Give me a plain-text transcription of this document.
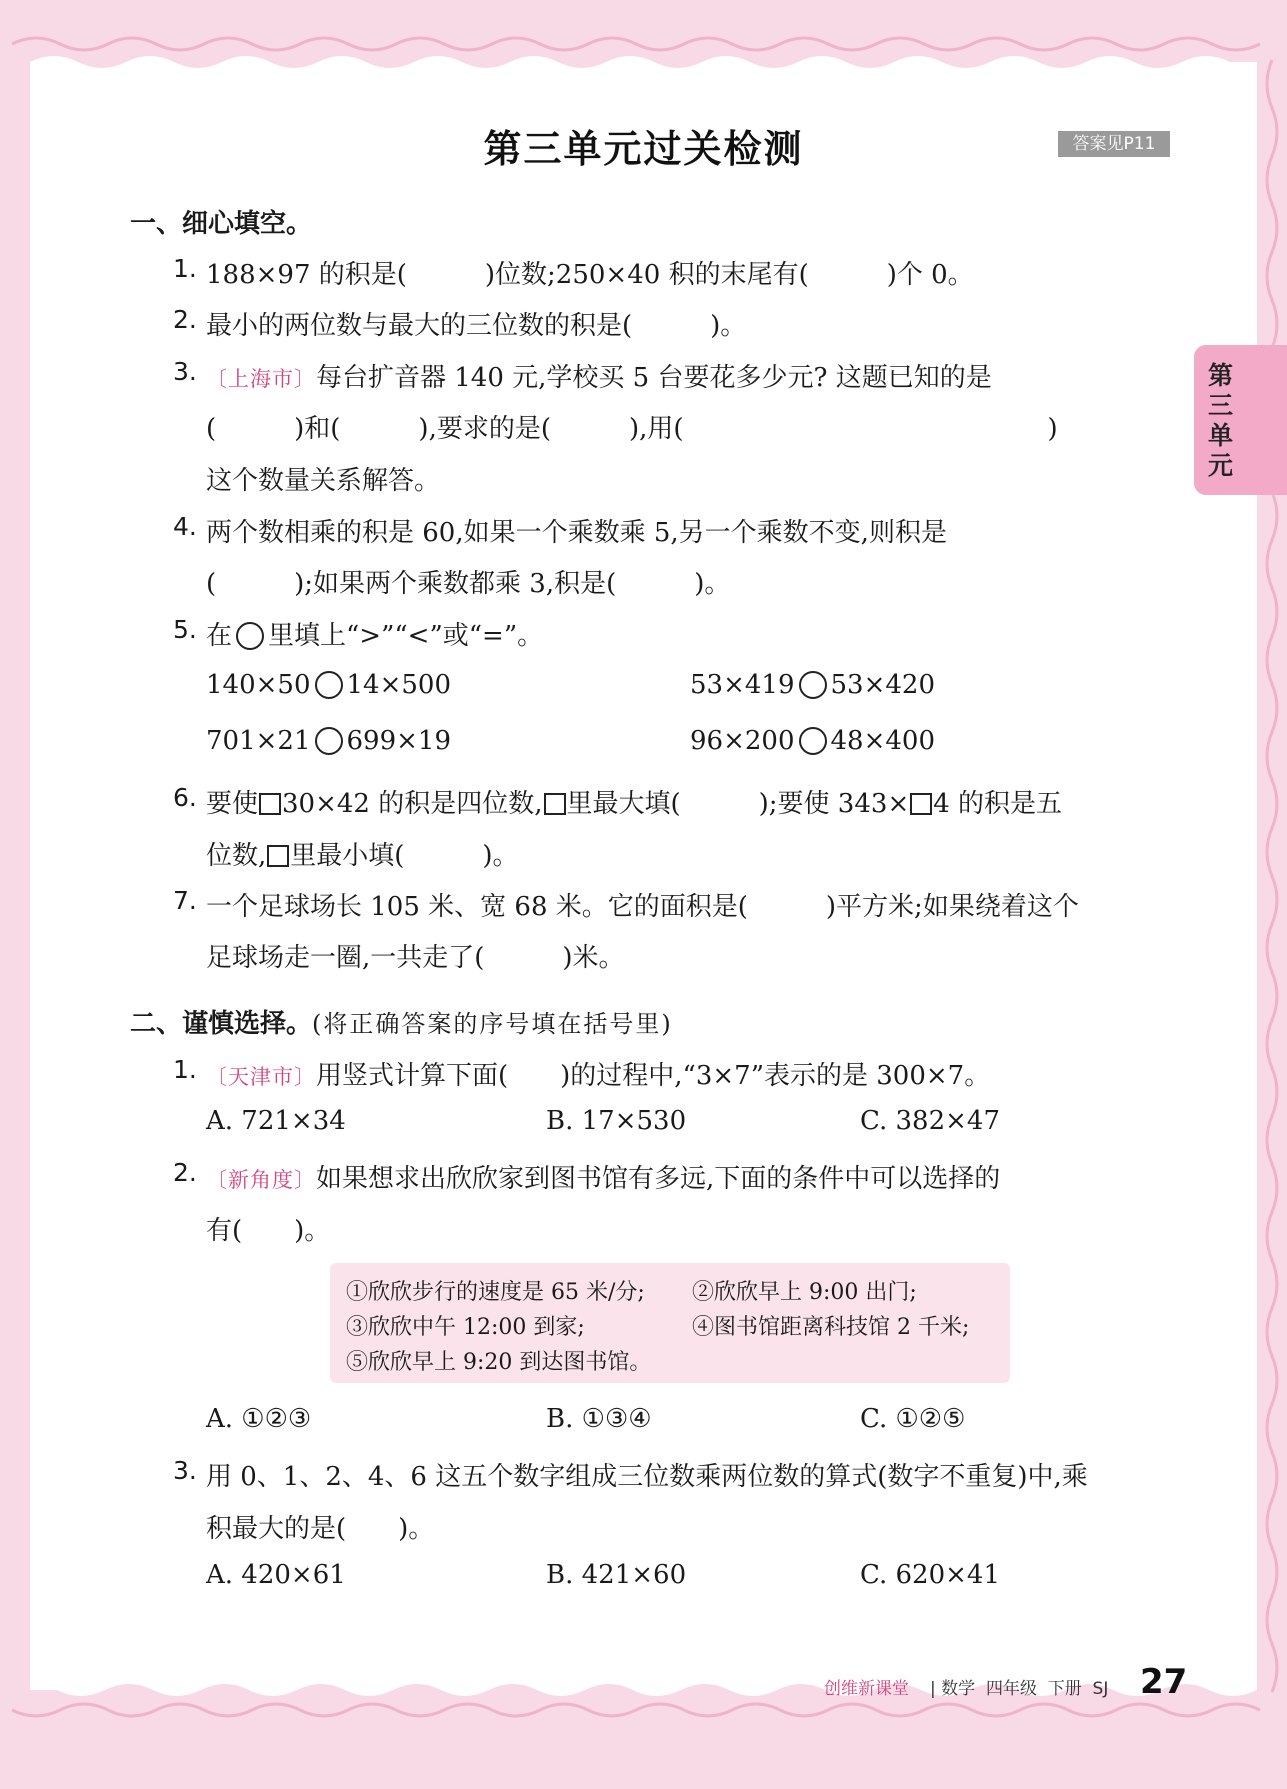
第三单元过关检测	答案见P11
第三单元
一、细心填空。
1. 188×97 的积是(　　　)位数;250×40 积的末尾有(　　　)个 0。
2. 最小的两位数与最大的三位数的积是(　　　)。
3. 〔上海市〕每台扩音器 140 元,学校买 5 台要花多少元? 这题已知的是
(　　　)和(　　　),要求的是(　　　),用(　　　　　　　　　　　　　　)
这个数量关系解答。
4. 两个数相乘的积是 60,如果一个乘数乘 5,另一个乘数不变,则积是
(　　　);如果两个乘数都乘 3,积是(　　　)。
5. 在 里填上“>”“<”或“=”。
140×50 14×500	53×419 53×420
701×21 699×19	96×200 48×400
6. 要使 30×42 的积是四位数, 里最大填(　　　);要使 343× 4 的积是五
位数, 里最小填(　　　)。
7. 一个足球场长 105 米、宽 68 米。它的面积是(　　　)平方米;如果绕着这个
足球场走一圈,一共走了(　　　)米。
二、谨慎选择。(将正确答案的序号填在括号里)
1. 〔天津市〕用竖式计算下面(　　)的过程中,“3×7”表示的是 300×7。
A. 721×34	B. 17×530	C. 382×47
2. 〔新角度〕如果想求出欣欣家到图书馆有多远,下面的条件中可以选择的
有(　　)。
①欣欣步行的速度是 65 米/分; ②欣欣早上 9:00 出门;
③欣欣中午 12:00 到家;	④图书馆距离科技馆 2 千米;
⑤欣欣早上 9:20 到达图书馆。
A. ①②③	B. ①③④	C. ①②⑤
3. 用 0、1、2、4、6 这五个数字组成三位数乘两位数的算式(数字不重复)中,乘
积最大的是(　　)。
A. 420×61	B. 421×60	C. 620×41
创维新课堂 | 数学  四年级  下册  SJ 27
